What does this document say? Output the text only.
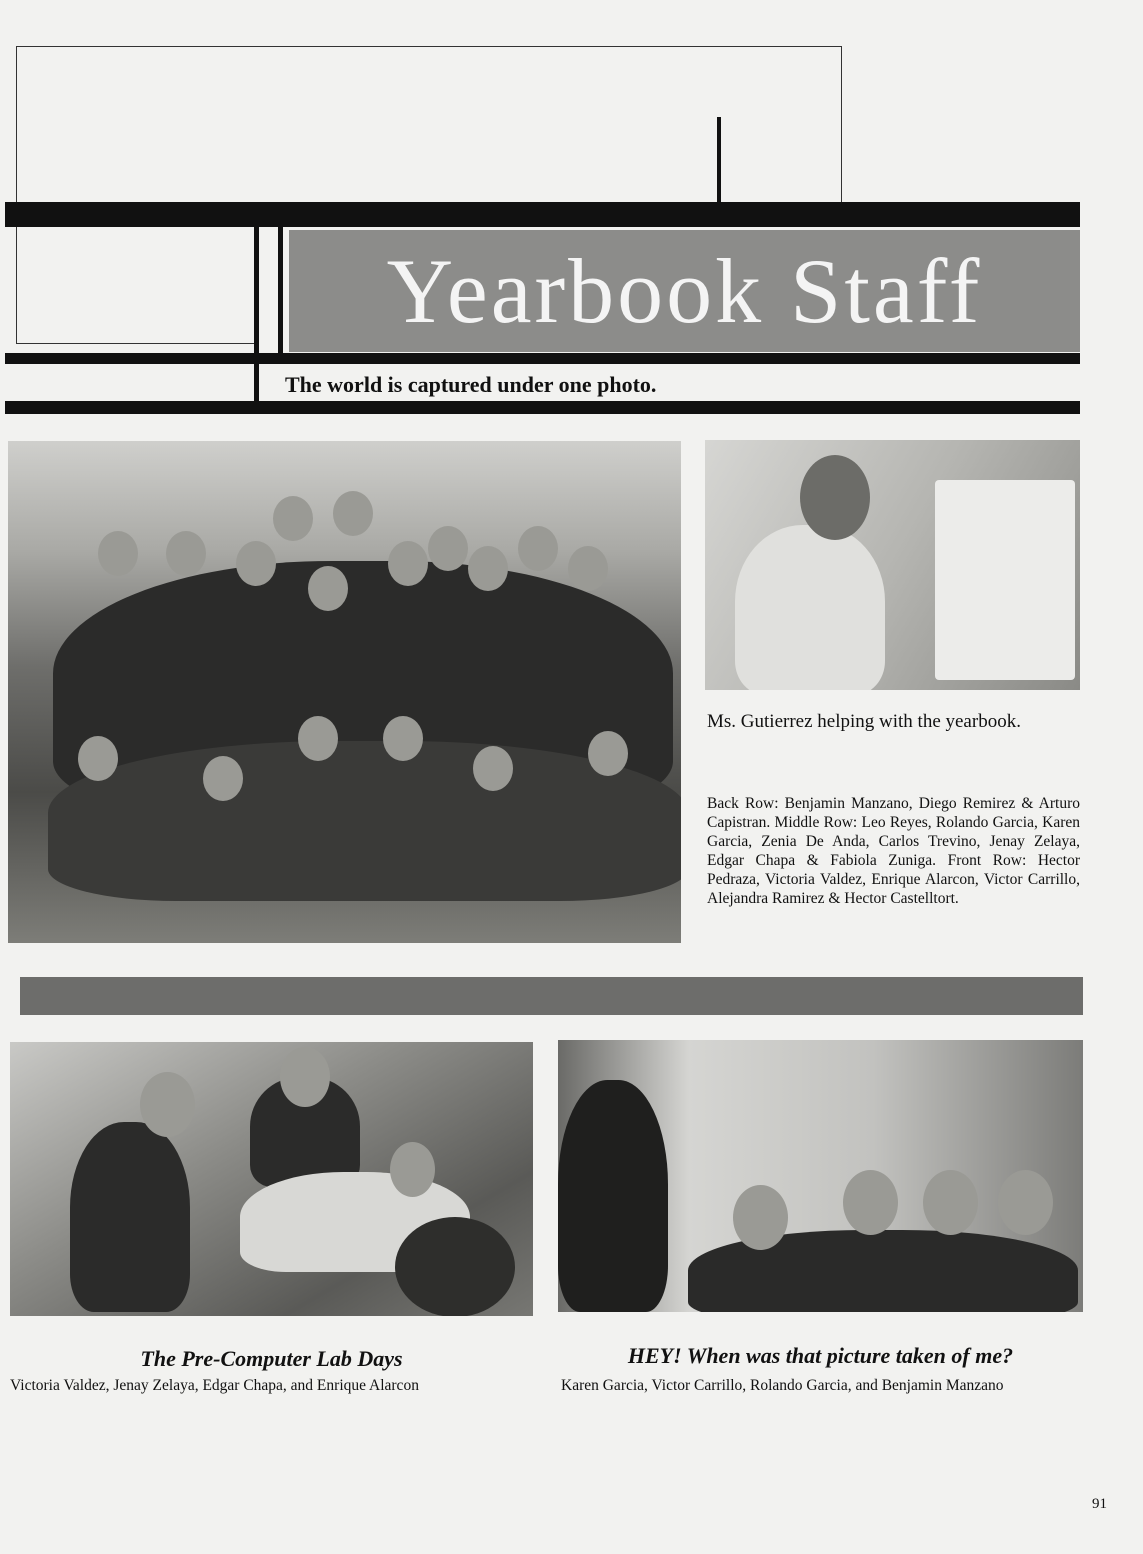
Yearbook Staff
The world is captured under one photo.
Ms. Gutierrez helping with the yearbook.
Back Row: Benjamin Manzano, Diego Remirez & Arturo Capistran. Middle Row: Leo Reyes, Rolando Garcia, Karen Garcia, Zenia De Anda, Carlos Trevino, Jenay Zelaya, Edgar Chapa & Fabiola Zuniga. Front Row: Hector Pedraza, Victoria Valdez, Enrique Alarcon, Victor Carrillo, Alejandra Ramirez & Hector Castelltort.
The Pre-Computer Lab Days
Victoria Valdez, Jenay Zelaya, Edgar Chapa, and Enrique Alarcon
HEY! When was that picture taken of me?
Karen Garcia, Victor Carrillo, Rolando Garcia, and Benjamin Manzano
91
